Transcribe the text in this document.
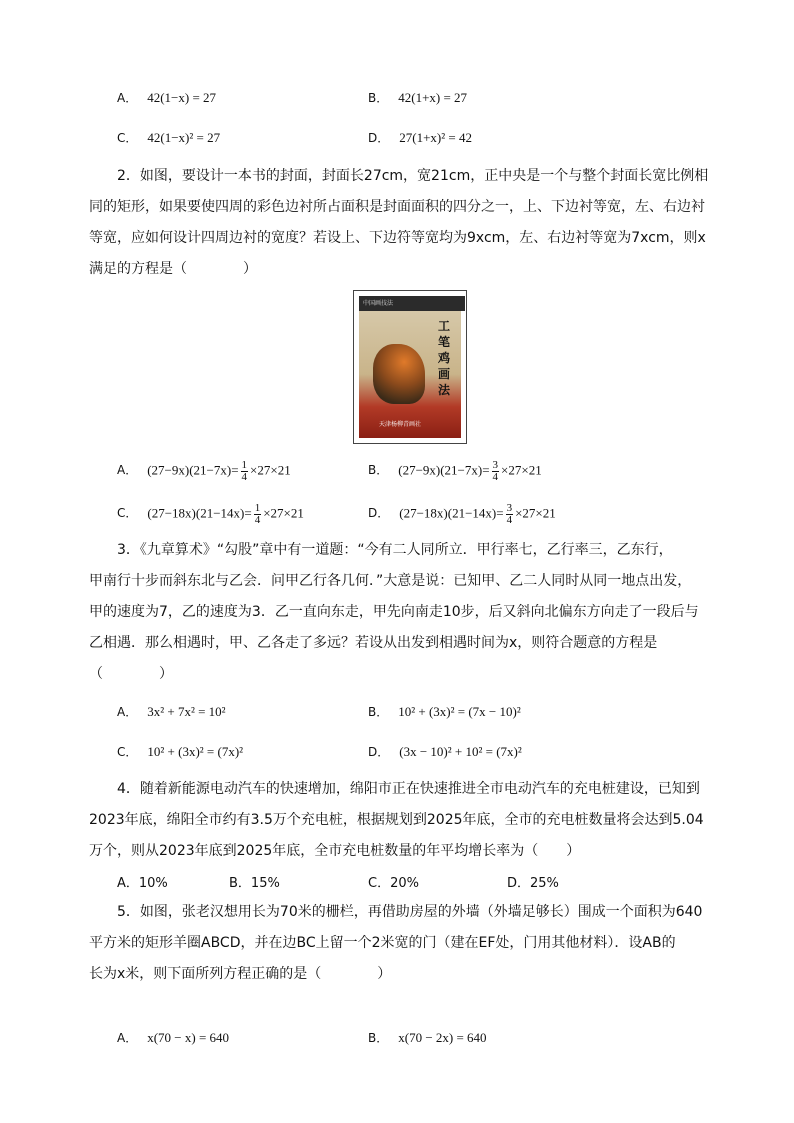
A． 42(1−x) = 27	B． 42(1+x) = 27
C． 42(1−x)² = 27	D． 27(1+x)² = 42
2．如图，要设计一本书的封面，封面长27cm，宽21cm，正中央是一个与整个封面长宽比例相
同的矩形，如果要使四周的彩色边衬所占面积是封面面积的四分之一，上、下边衬等宽，左、右边衬
等宽，应如何设计四周边衬的宽度？若设上、下边符等宽均为9xcm，左、右边衬等宽为7xcm，则x
满足的方程是（　　　　）
中国画技法
工笔鸡画法
天津杨柳青画社
A． $(27-9x)(21-7x)= \frac{1}{4} \times 27\times 21$	B． $(27-9x)(21-7x)= \frac{3}{4} \times 27\times 21$
C． $(27-18x)(21-14x)= \frac{1}{4} \times 27\times 21$	D． $(27-18x)(21-14x)= \frac{3}{4} \times 27\times 21$
3．《九章算术》“勾股”章中有一道题：“今有二人同所立．甲行率七，乙行率三，乙东行，
甲南行十步而斜东北与乙会．问甲乙行各几何．”大意是说：已知甲、乙二人同时从同一地点出发，
甲的速度为7，乙的速度为3．乙一直向东走，甲先向南走10步，后又斜向北偏东方向走了一段后与
乙相遇．那么相遇时，甲、乙各走了多远？若设从出发到相遇时间为x，则符合题意的方程是
（　　　　）
A． 3x² + 7x² = 10²	B． 10² + (3x)² = (7x − 10)²
C． 10² + (3x)² = (7x)²	D． (3x − 10)² + 10² = (7x)²
4．随着新能源电动汽车的快速增加，绵阳市正在快速推进全市电动汽车的充电桩建设，已知到
2023年底，绵阳全市约有3.5万个充电桩，根据规划到2025年底，全市的充电桩数量将会达到5.04
万个，则从2023年底到2025年底，全市充电桩数量的年平均增长率为（　　）
A．10%	B．15%	C．20%	D．25%
5．如图，张老汉想用长为70米的栅栏，再借助房屋的外墙（外墙足够长）围成一个面积为640
平方米的矩形羊圈ABCD，并在边BC上留一个2米宽的门（建在EF处，门用其他材料）．设AB的
长为x米，则下面所列方程正确的是（　　　　）
A． x(70 − x) = 640	B． x(70 − 2x) = 640
